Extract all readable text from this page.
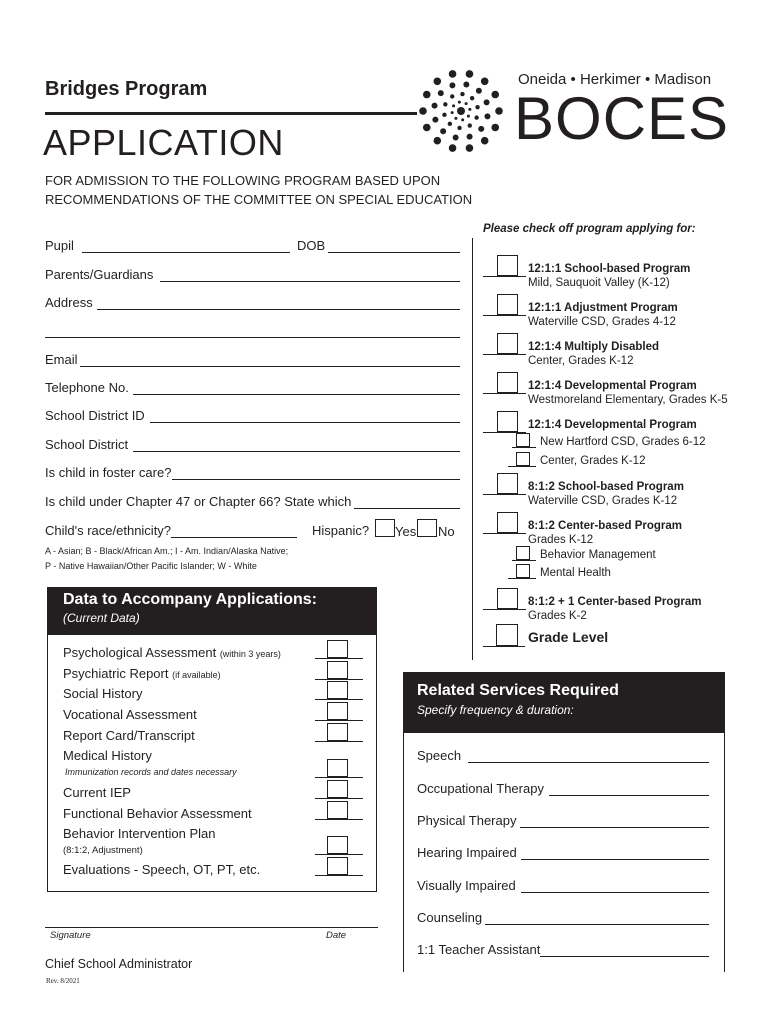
Bridges Program
APPLICATION
FOR ADMISSION TO THE FOLLOWING PROGRAM BASED UPON
RECOMMENDATIONS OF THE COMMITTEE ON SPECIAL EDUCATION
Oneida • Herkimer • Madison
BOCES
Pupil	DOB
Parents/Guardians
Address
Email
Telephone No.
School District ID
School District
Is child in foster care?
Is child under Chapter 47 or Chapter 66? State which
Child's race/ethnicity?	Hispanic? Yes No
A - Asian; B - Black/African Am.; I - Am. Indian/Alaska Native;
P - Native Hawaiian/Other Pacific Islander; W - White
Please check off program applying for:
12:1:1 School-based Program
Mild, Sauquoit Valley (K-12)
12:1:1 Adjustment Program
Waterville CSD, Grades 4-12
12:1:4 Multiply Disabled
Center, Grades K-12
12:1:4 Developmental Program
Westmoreland Elementary, Grades K-5
12:1:4 Developmental Program
8:1:2 School-based Program
Waterville CSD, Grades K-12
8:1:2 Center-based Program
Grades K-12
8:1:2 + 1 Center-based Program
Grades K-2
New Hartford CSD, Grades 6-12
Center, Grades K-12
Behavior Management
Mental Health
Grade Level
Data to Accompany Applications:
(Current Data)
Psychological Assessment (within 3 years)
Psychiatric Report (if available)
Social History
Vocational Assessment
Report Card/Transcript
Medical History
Immunization records and dates necessary
Current IEP
Functional Behavior Assessment
Behavior Intervention Plan
(8:1:2, Adjustment)
Evaluations - Speech, OT, PT, etc.
Related Services Required
Specify frequency & duration:
Speech
Occupational Therapy
Physical Therapy
Hearing Impaired
Visually Impaired
Counseling
1:1 Teacher Assistant
Signature	Date
Chief School Administrator
Rev. 8/2021
